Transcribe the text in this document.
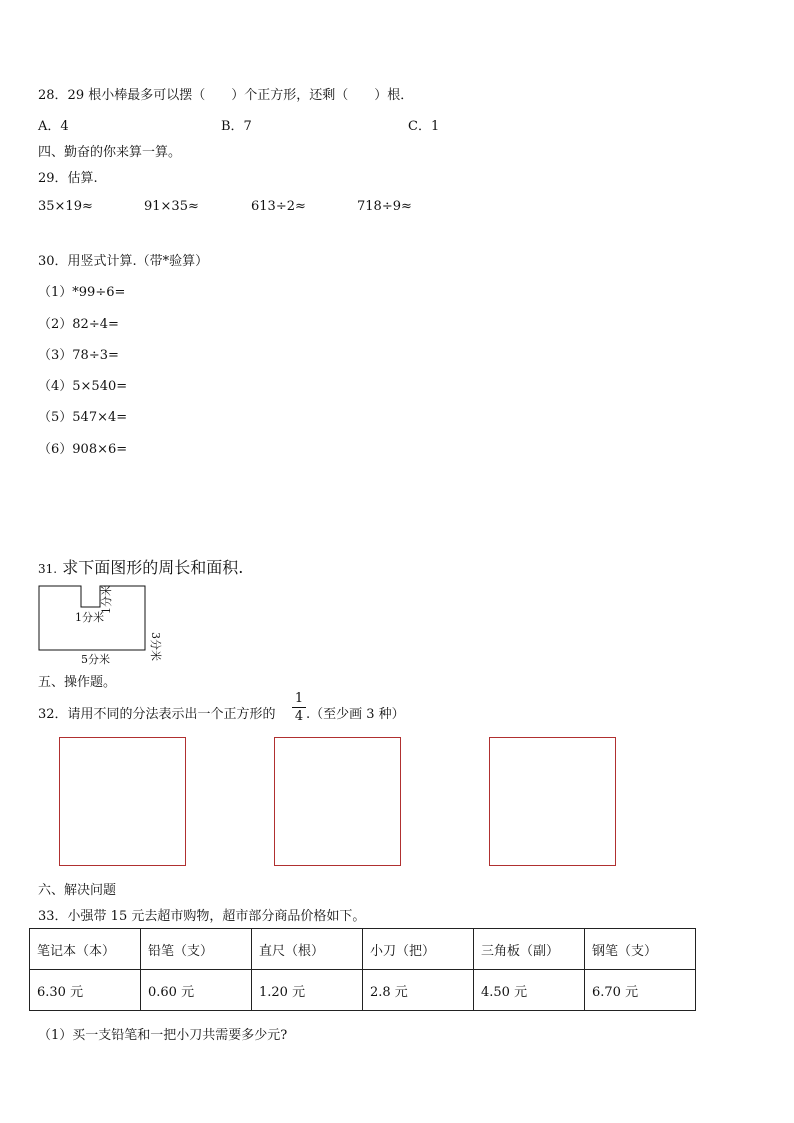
28．29 根小棒最多可以摆（　　）个正方形，还剩（　　）根．
A．4	B．7	C．1
四、勤奋的你来算一算。
29．估算.
35×19≈	91×35≈	613÷2≈	718÷9≈
30．用竖式计算.（带*验算）
（1）*99÷6=
（2）82÷4=
（3）78÷3=
（4）5×540=
（5）547×4=
（6）908×6=
31. 求下面图形的周长和面积.
1分米
1分米
3分米
5分米
五、操作题。
32．请用不同的分法表示出一个正方形的
1
4 .（至少画 3 种）
六、解决问题
33．小强带 15 元去超市购物，超市部分商品价格如下。
笔记本（本）	铅笔（支）	直尺（根）	小刀（把）	三角板（副）	钢笔（支）
6.30 元	0.60 元	1.20 元	2.8 元	4.50 元	6.70 元
（1）买一支铅笔和一把小刀共需要多少元?
